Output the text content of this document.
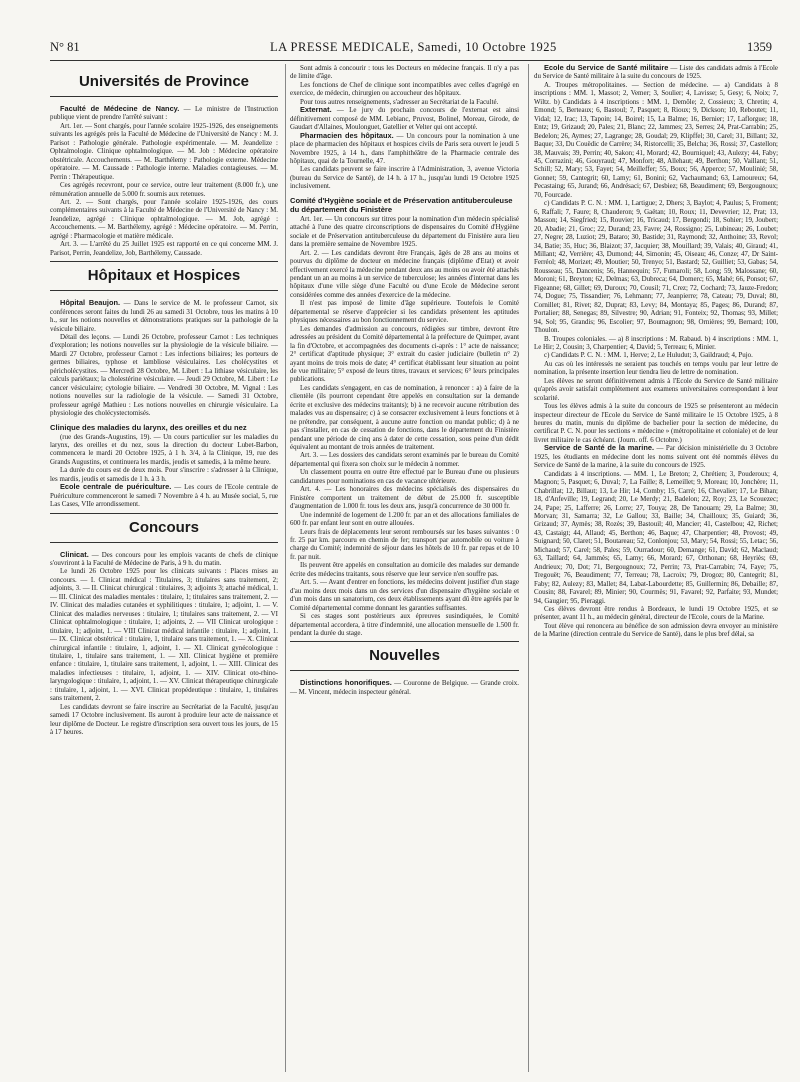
N° 81	LA PRESSE MEDICALE, Samedi, 10 Octobre 1925	1359
Universités de Province

Faculté de Médecine de Nancy. — Le ministre de l'Instruction publique vient de prendre l'arrêté suivant :

Art. 1er. — Sont chargés, pour l'année scolaire 1925-1926, des enseignements suivants les agrégés près la Faculté de Médecine de l'Université de Nancy : M. J. Parisot : Pathologie générale. Pathologie expérimentale. — M. Jeandelize : Ophtalmologie. Clinique ophtalmologique. — M. Job : Médecine opératoire obstétricale. Accouchements. — M. Barthélemy : Pathologie externe. Médecine opératoire. — M. Caussade : Pathologie interne. Maladies contagieuses. — M. Perrin : Thérapeutique.

Ces agrégés recevront, pour ce service, outre leur traitement (8.000 fr.), une rémunération annuelle de 5.000 fr. soumis aux retenues.

Art. 2. — Sont chargés, pour l'année scolaire 1925-1926, des cours complémentaires suivants à la Faculté de Médecine de l'Université de Nancy : M. Jeandelize, agrégé : Clinique ophtalmologique. — M. Job, agrégé : Accouchements. — M. Barthélemy, agrégé : Médecine opératoire. — M. Perrin, agrégé : Pharmacologie et matière médicale.

Art. 3. — L'arrêté du 25 Juillet 1925 est rapporté en ce qui concerne MM. J. Parisot, Perrin, Jeandelize, Job, Barthélemy, Caussade.

Hôpitaux et Hospices

Hôpital Beaujon. — Dans le service de M. le professeur Carnot, six conférences seront faites du lundi 26 au samedi 31 Octobre, tous les matins à 10 h., sur les notions nouvelles et démonstrations pratiques sur la pathologie de la vésicule biliaire.

Détail des leçons. — Lundi 26 Octobre, professeur Carnot : Les techniques d'exploration; les notions nouvelles sur la physiologie de la vésicule biliaire. — Mardi 27 Octobre, professeur Carnot : Les infections biliaires; les porteurs de germes biliaires, typhose et lambliose vésiculaires. Les cholécystites et péricholécystites. — Mercredi 28 Octobre, M. Libert : La lithiase vésiculaire, les calculs pariétaux; la cholestérine vésiculaire. — Jeudi 29 Octobre, M. Libert : Le cancer vésiculaire; cytologie biliaire. — Vendredi 30 Octobre, M. Vignal : Les notions nouvelles sur la radiologie de la vésicule. — Samedi 31 Octobre, professeur agrégé Mathieu : Les notions nouvelles en chirurgie vésiculaire. La physiologie des cholécystectomisés.

Clinique des maladies du larynx, des oreilles et du nez

(rue des Grands-Augustins, 19). — Un cours particulier sur les maladies du larynx, des oreilles et du nez, sous la direction du docteur Lubet-Barbon, commencera le mardi 20 Octobre 1925, à 1 h. 3/4, à la Clinique, 19, rue des Grands Augustins, et continuera les mardis, jeudis et samedis, à la même heure.

La durée du cours est de deux mois. Pour s'inscrire : s'adresser à la Clinique, les mardis, jeudis et samedis de 1 h. à 3 h.

Ecole centrale de puériculture. — Les cours de l'Ecole centrale de Puériculture commenceront le samedi 7 Novembre à 4 h. au Musée social, 5, rue Las Cases, VIIe arrondissement.

Concours

Clinicat. — Des concours pour les emplois vacants de chefs de clinique s'ouvriront à la Faculté de Médecine de Paris, à 9 h. du matin.

Le lundi 26 Octobre 1925 pour les clinicats suivants : Places mises au concours. — I. Clinicat médical : Titulaires, 3; titulaires sans traitement, 2; adjoints, 3. — II. Clinicat chirurgical : titulaires, 3; adjoints 3; attaché médical, 1. — III. Clinicat des maladies mentales : titulaire, 1; titulaires sans traitement, 2. — IV. Clinicat des maladies cutanées et syphilitiques : titulaire, 1; adjoint, 1. — V. Clinicat des maladies nerveuses : titulaire, 1; titulaires sans traitement, 2. — VI Clinicat ophtalmologique : titulaire, 1; adjoints, 2. — VII Clinicat urologique : titulaire, 1; adjoint, 1. — VIII Clinicat médical infantile : titulaire, 1; adjoint, 1. — IX. Clinicat obstétrical : titulaire, 1, titulaire sans traitement, 1. — X. Clinicat chirurgical infantile : titulaire, 1, adjoint, 1. — XI. Clinicat gynécologique : titulaire, 1, titulaire sans traitement, 1. — XII. Clinicat hygiène et première enfance : titulaire, 1, titulaire sans traitement, 1, adjoint, 1. — XIII. Clinicat des maladies infectieuses : titulaire, 1, adjoint, 1. — XIV. Clinicat oto-rhino-laryngologique : titulaire, 1, adjoint, 1. — XV. Clinicat thérapeutique chirurgicale : titulaire, 1, adjoint, 1. — XVI. Clinicat propédeutique : titulaire, 1, titulaires sans traitement, 2.

Les candidats devront se faire inscrire au Secrétariat de la Faculté, jusqu'au samedi 17 Octobre inclusivement. Ils auront à produire leur acte de naissance et leur diplôme de Docteur. Le registre d'inscription sera ouvert tous les jours, de 15 à 17 heures.

Sont admis à concourir : tous les Docteurs en médecine français. Il n'y a pas de limite d'âge.

Les fonctions de Chef de clinique sont incompatibles avec celles d'agrégé en exercice, de médecin, chirurgien ou accoucheur des hôpitaux.

Pour tous autres renseignements, s'adresser au Secrétariat de la Faculté.

Externat. — Le jury du prochain concours de l'externat est ainsi définitivement composé de MM. Lebianc, Pruvost, Bolinel, Moreau, Girode, de Gaudart d'Allaines, Moulonguet, Gatellier et Velter qui ont accepté.

Pharmacien des hôpitaux. — Un concours pour la nomination à une place de pharmacien des hôpitaux et hospices civils de Paris sera ouvert le jeudi 5 Novembre 1925, à 14 h., dans l'amphithéâtre de la Pharmacie centrale des hôpitaux, quai de la Tournelle, 47.

Les candidats peuvent se faire inscrire à l'Administration, 3, avenue Victoria (bureau du Service de Santé), de 14 h. à 17 h., jusqu'au lundi 19 Octobre 1925 inclusivement.

Comité d'Hygiène sociale et de Préservation antituberculeuse du département du Finistère

Art. 1er. — Un concours sur titres pour la nomination d'un médecin spécialisé attaché à l'une des quatre circonscriptions de dispensaires du Comité d'Hygiène sociale et de Préservation antituberculeuse du département du Finistère aura lieu dans la première semaine de Novembre 1925.

Art. 2. — Les candidats devront être Français, âgés de 28 ans au moins et pourvus du diplôme de docteur en médecine français (diplôme d'Etat) et avoir effectivement exercé la médecine pendant deux ans au moins ou avoir été attachés pendant un an au moins à un service de tuberculose; les années d'internat dans les hôpitaux d'une ville siège d'une Faculté ou d'une Ecole de Médecine seront considérées comme des années d'exercice de la médecine.

Il n'est pas imposé de limite d'âge supérieure. Toutefois le Comité départemental se réserve d'apprécier si les candidats présentent les aptitudes physiques nécessaires au bon fonctionnement du service.

Les demandes d'admission au concours, rédigées sur timbre, devront être adressées au président du Comité départemental à la préfecture de Quimper, avant la fin d'Octobre, et accompagnées des documents ci-après : 1° acte de naissance; 2° certificat d'aptitude physique; 3° extrait du casier judiciaire (bulletin n° 2) ayant moins de trois mois de date; 4° certificat établissant leur situation au point de vue militaire; 5° exposé de leurs titres, travaux et services; 6° leurs principales publications.

Les candidats s'engagent, en cas de nomination, à renoncer : a) à faire de la clientèle (ils pourront cependant être appelés en consultation sur la demande écrite et exclusive des médecins traitants); b) à ne recevoir aucune rétribution des malades vus au dispensaire; c) à se consacrer exclusivement à leurs fonctions et à ne prétendre, par conséquent, à aucune autre fonction ou mandat public; d) à ne pas s'installer, en cas de cessation de fonctions, dans le département du Finistère pendant une période de cinq ans à dater de cette cessation, sous peine d'un dédit équivalent au montant de trois années de traitement.

Art. 3. — Les dossiers des candidats seront examinés par le bureau du Comité départemental qui fixera son choix sur le médecin à nommer.

Un classement pourra en outre être effectué par le Bureau d'une ou plusieurs candidatures pour nominations en cas de vacance ultérieure.

Art. 4. — Les honoraires des médecins spécialisés des dispensaires du Finistère comportent un traitement de début de 25.000 fr. susceptible d'augmentation de 1.000 fr. tous les deux ans, jusqu'à concurrence de 30 000 fr.

Une indemnité de logement de 1.200 fr. par an et des allocations familiales de 600 fr. par enfant leur sont en outre allouées.

Leurs frais de déplacements leur seront remboursés sur les bases suivantes : 0 fr. 25 par km. parcouru en chemin de fer; transport par automobile ou voiture à charge du Comité; indemnité de séjour dans les hôtels de 10 fr. par repas et de 10 fr. par nuit.

Ils peuvent être appelés en consultation au domicile des malades sur demande écrite des médecins traitants, sous réserve que leur service n'en souffre pas.

Art. 5. — Avant d'entrer en fonctions, les médecins doivent justifier d'un stage d'au moins deux mois dans un des services d'un dispensaire d'hygiène sociale et d'un mois dans un sanatorium, ces deux établissements ayant dû être agréés par le Comité départemental comme donnant les garanties suffisantes.

Si ces stages sont postérieurs aux épreuves susindiquées, le Comité départemental accordera, à titre d'indemnité, une allocation mensuelle de 1.500 fr. pendant la durée du stage.

Nouvelles

Distinctions honorifiques. — Couronne de Belgique. — Grande croix. — M. Vincent, médecin inspecteur général.

Ecole du Service de Santé militaire — Liste des candidats admis à l'Ecole du Service de Santé militaire à la suite du concours de 1925.

A. Troupes métropolitaines. — Section de médecine. — a) Candidats à 8 inscriptions : MM. 1, Massot; 2, Vemer; 3, Soulier; 4, Lavisse; 5, Gesy; 6, Noix; 7, Wiltz. b) Candidats à 4 inscriptions : MM. 1, Demôle; 2, Cossieux; 3, Chretin; 4, Emond; 5, Berteaux; 6, Bastoul; 7, Pasquet; 8, Rioux; 9, Dickson; 10, Reboutet; 11, Vidal; 12, Irac; 13, Tapoin; 14, Boirel; 15, La Balme; 16, Bernier; 17, Laflorgue; 18, Entz; 19, Grizaud; 20, Pales; 21, Blanc; 22, Jammes; 23, Serres; 24, Prat-Carrabin; 25, Bedelon; 26, Aymes; 27, Lagrange; 28, Goudal; 29, Klipffel; 30, Carel; 31, Billant; 32, Baque; 33, Du Couëdic de Carrère; 34, Ristorcelli; 35, Belcha; 36, Rossi; 37, Castellon; 38, Mauvais; 39, Perrin; 40, Sakon; 41, Morard; 42, Bourniquel; 43, Aulezy; 44, Faby; 45, Corrazini; 46, Gouyraud; 47, Monfort; 48, Allehaut; 49, Berthon; 50, Vaillant; 51, Schill; 52, Mary; 53, Fayet; 54, Meilleffer; 55, Boux; 56, Apperce; 57, Moulinié; 58, Gonnet; 59, Cantegrit; 60, Lamy; 61, Bonini; 62, Vachaumand; 63, Lamoureux; 64, Pecastaing; 65, Jurand; 66, Andrésaci; 67, Desbiez; 68, Beaudiment; 69, Bergougnoux; 70, Fourcade.

c) Candidats P. C. N. : MM. 1, Lartigue; 2, Dhers; 3, Baylot; 4, Paulus; 5, Froment; 6, Raffali; 7, Faure; 8, Chauderon; 9, Gaëtan; 10, Roux; 11, Devevrier; 12, Prat; 13, Masson; 14, Siegfried; 15, Rouvier; 16, Tricaud; 17, Bergondi; 18, Sohier; 19, Joubert; 20, Abadie; 21, Groc; 22, Durand; 23, Favre; 24, Rossigno; 25, Lubineau; 26, Loubet; 27, Negre; 28, Luziot; 29, Bataro; 30, Bastide; 31, Raymond; 32, Anthoine; 33, Revol; 34, Batie; 35, Huc; 36, Blaizot; 37, Jacquier; 38, Mouillard; 39, Valais; 40, Giraud; 41, Millant; 42, Verrière; 43, Dumond; 44, Simonin; 45, Oiseau; 46, Conze; 47, Dr Saint-Ferréol; 48, Morizet; 49, Moutier; 50, Trenyo; 51, Bastard; 52, Guilliet; 53, Gabas; 54, Rousseau; 55, Dancenis; 56, Hannequin; 57, Fumaroli; 58, Long; 59, Malossane; 60, Moroni; 61, Breyton; 62, Delmas; 63, Dubreca; 64, Domerc; 65, Mahé; 66, Ponsot; 67, Figeanne; 68, Gillet; 69, Duroux; 70, Cousil; 71, Crez; 72, Cochard; 73, Jauze-Fredon; 74, Dogue; 75, Tissandier; 76, Lehmann; 77, Jeanpierre; 78, Cateau; 79, Duval; 80, Cornillet; 81, Rivet; 82, Duprat; 83, Levy; 84, Montaya; 85, Pages; 86, Durand; 87, Portalier; 88, Senegas; 89, Silvestre; 90, Adrian; 91, Fonteix; 92, Thomas; 93, Millet; 94, Sol; 95, Grandis; 96, Escolier; 97, Boumagnon; 98, Ornières; 99, Bernard; 100, Thoulon.

B. Troupes coloniales. — a) 8 inscriptions : M. Rabaud. b) 4 inscriptions : MM. 1, Le Hir; 2, Cousin; 3, Charpentier; 4, David; 5, Terreau; 6, Minier.

c) Candidats P. C. N. : MM. 1, Herve; 2, Le Huludut; 3, Gaildraud; 4, Pujo.

Au cas où les intéressés ne seraient pas touchés en temps voulu par leur lettre de nomination, la présente insertion leur tiendra lieu de lettre de nomination.

Les élèves ne seront définitivement admis à l'Ecole du Service de Santé militaire qu'après avoir satisfait complètement aux examens universitaires correspondant à leur scolarité.

Tous les élèves admis à la suite du concours de 1925 se présenteront au médecin inspecteur directeur de l'Ecole du Service de Santé militaire le 15 Octobre 1925, à 8 heures du matin, munis du diplôme de bachelier pour la section de médecine, du certificat P. C. N. pour les sections « médecine » (métropolitaine et coloniale) et de leur livret militaire le cas échéant. (Journ. off. 6 Octobre.)

Service de Santé de la marine. — Par décision ministérielle du 3 Octobre 1925, les étudiants en médecine dont les noms suivent ont été nommés élèves du Service de Santé de la marine, à la suite du concours de 1925.

Candidats à 4 inscriptions. — MM. 1, Le Breton; 2, Chrétien; 3, Pouderoux; 4, Magnon; 5, Pasquet; 6, Duval; 7, La Faille; 8, Lemeillet; 9, Moreau; 10, Jonchère; 11, Chabrillat; 12, Billaut; 13, Le Hir; 14, Comby; 15, Carré; 16, Chevalier; 17, Le Bihan; 18, d'Anfeville; 19, Legrand; 20, Le Merdy; 21, Badelon; 22, Roy; 23, Le Scouezec; 24, Pape; 25, Lafferre; 26, Lorre; 27, Touya; 28, De Tanouarn; 29, La Balme; 30, Morvan; 31, Samarra; 32, Le Gallou; 33, Baille; 34, Chailloux; 35, Guiard; 36, Grizaud; 37, Aymès; 38, Rozès; 39, Bastouil; 40, Mancier; 41, Castelbou; 42, Richet; 43, Castaigt; 44, Allaud; 45, Berthon; 46, Baque; 47, Charpentier; 48, Provost; 49, Suignard; 50, Claret; 51, Boutareau; 52, Conlonjou; 53, Mary; 54, Rossi; 55, Letac; 56, Michaud; 57, Carel; 58, Pales; 59, Ourradour; 60, Demange; 61, David; 62, Maclaud; 63, Taillard; 64, Jammès; 65, Lamy; 66, Morard; 67, Orthonan; 68, Heyriès; 69, Andrieux; 70, Dot; 71, Bergougnoux; 72, Perrin; 73, Prat-Carrabin; 74, Faye; 75, Tregouët; 76, Beaudiment; 77, Terreau; 78, Lacroix; 79, Drogoz; 80, Cantegrit; 81, Faby; 82, Aulezy; 83, Mallet; 84, Labat-Labourdette; 85, Guillermin; 86, Debaille; 87, Cousin; 88, Favarel; 89, Minier; 90, Courmès; 91, Favarel; 92, Parfaite; 93, Mundet; 94, Gaugier; 95, Pieraggi.

Ces élèves devront être rendus à Bordeaux, le lundi 19 Octobre 1925, et se présenter, avant 11 h., au médecin général, directeur de l'Ecole, cours de la Marine.

Tout élève qui renoncera au bénéfice de son admission devra envoyer au ministère de la Marine (direction centrale du Service de Santé), dans le plus bref délai, sa
